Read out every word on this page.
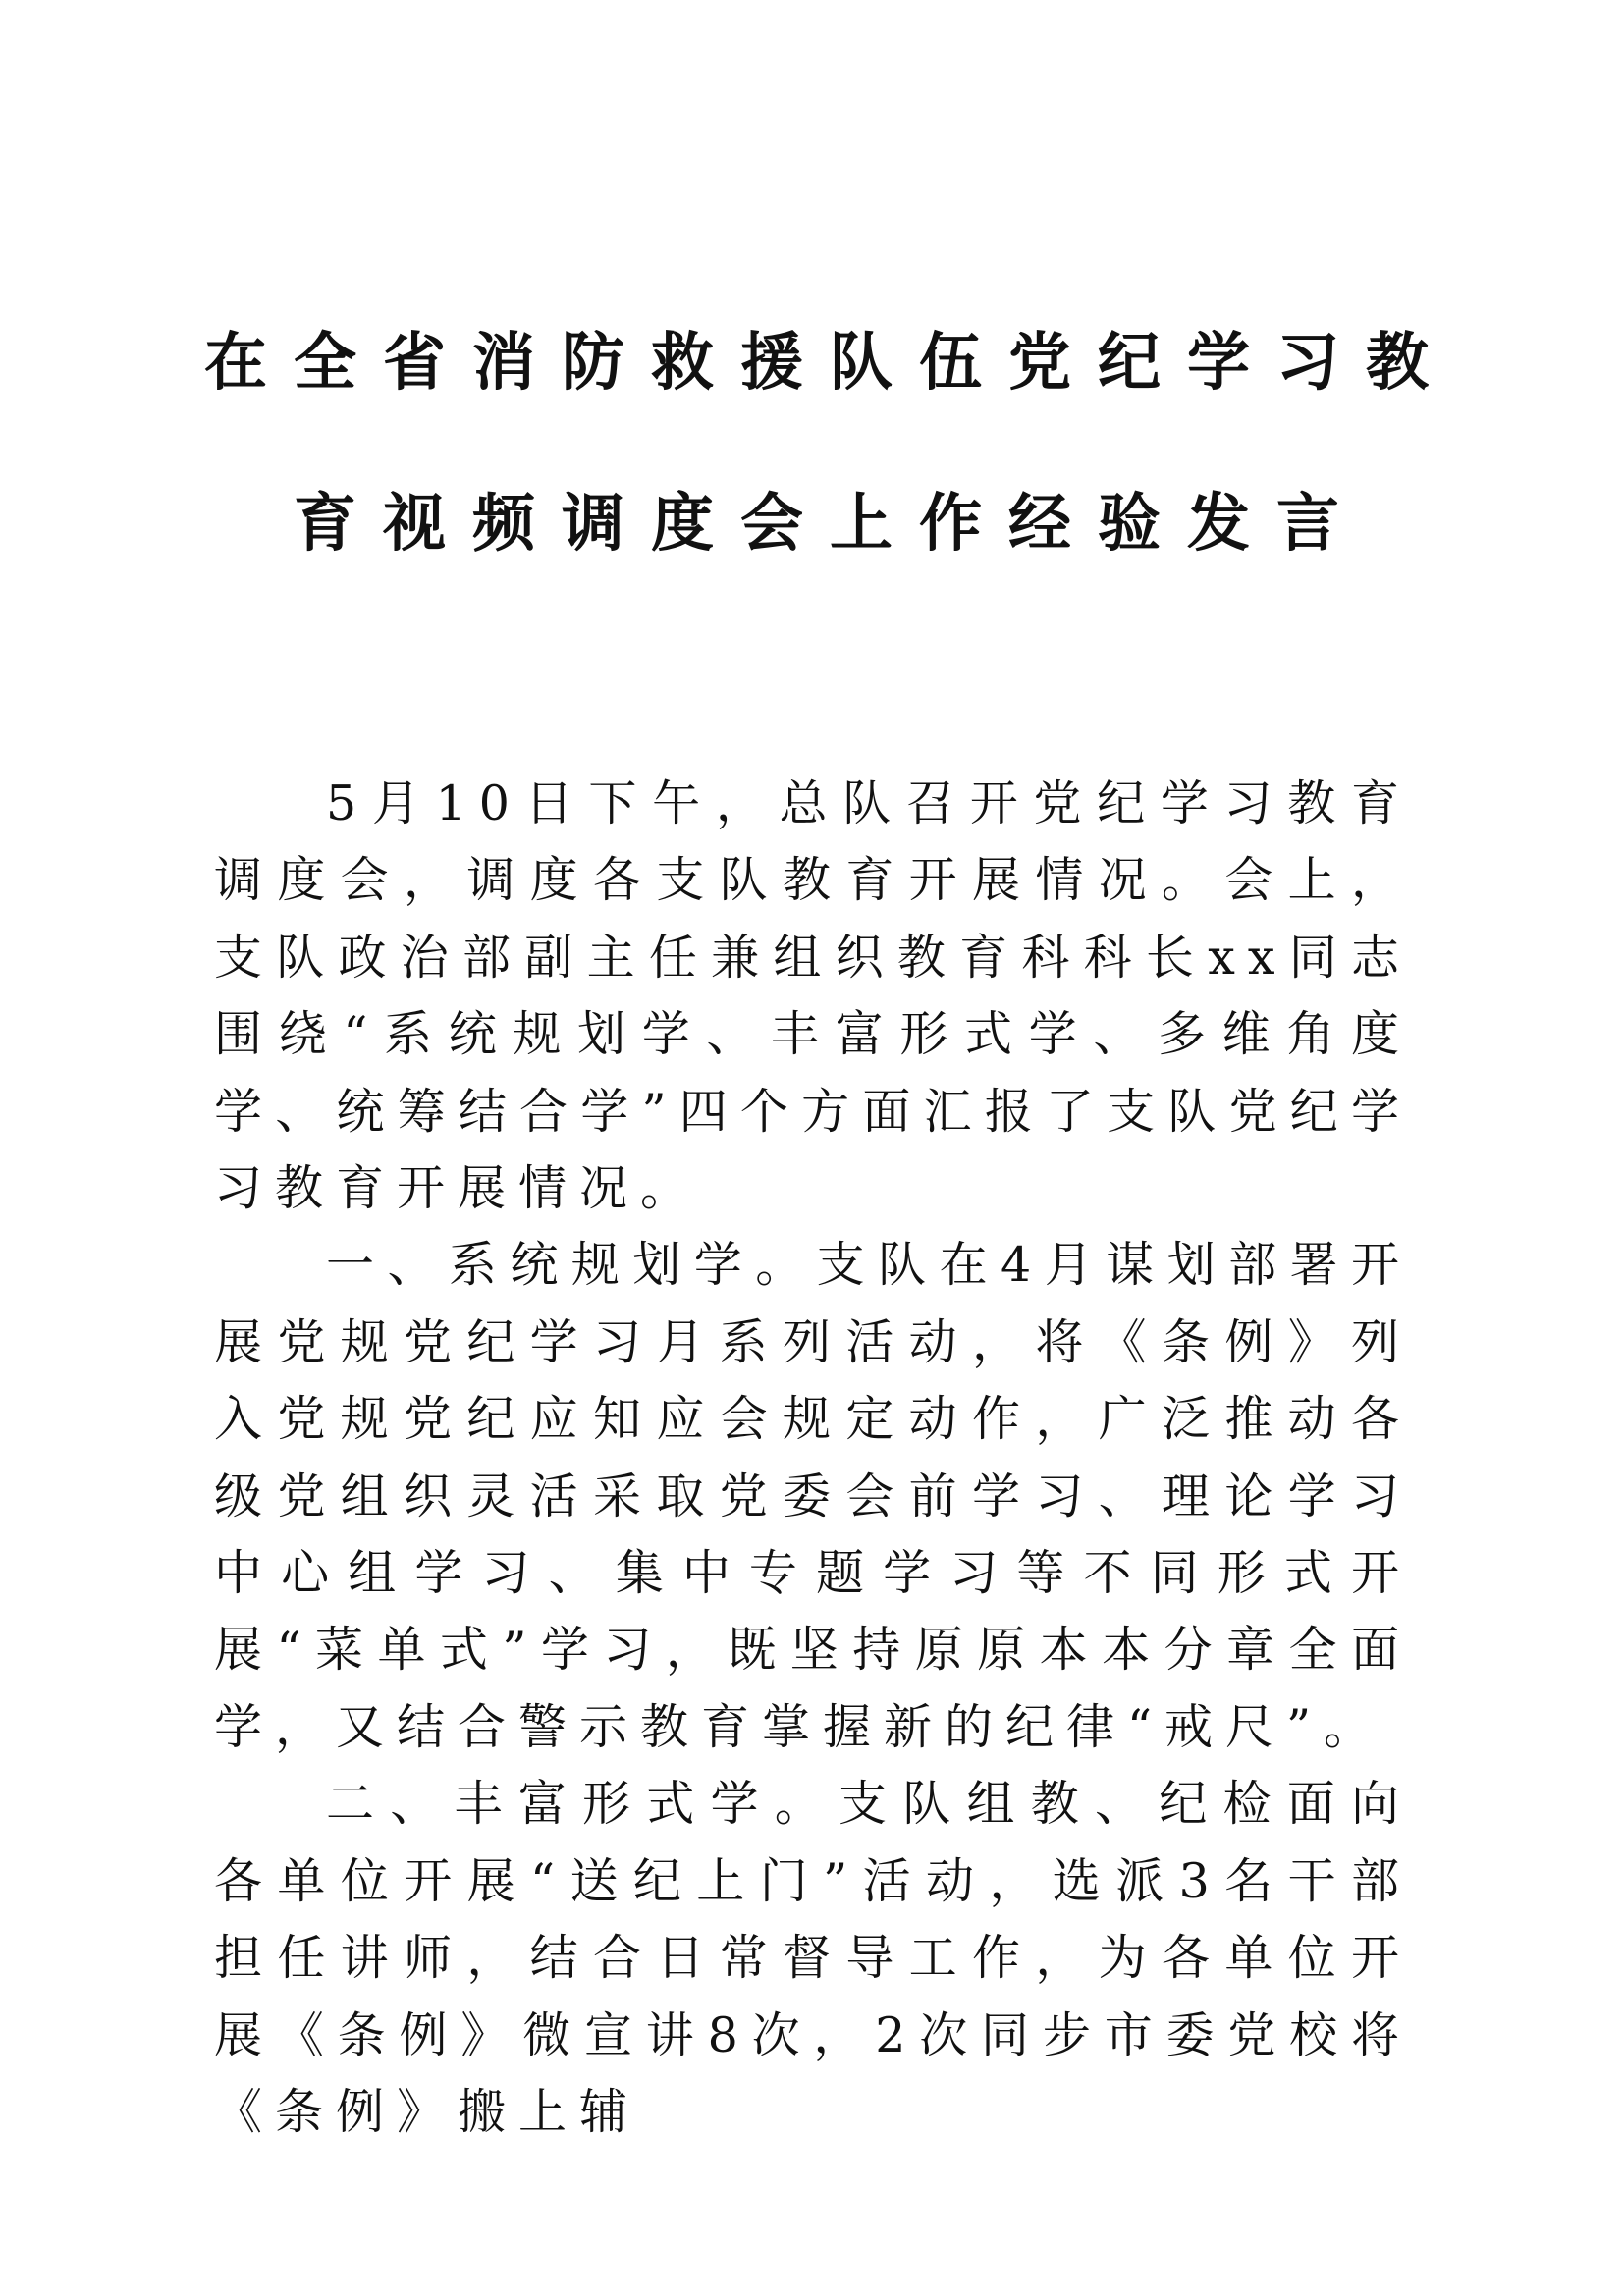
在全省消防救援队伍党纪学习教
育视频调度会上作经验发言

5月10日下午，总队召开党纪学习教育调度会，调度各支队教育开展情况。会上，支队政治部副主任兼组织教育科科长xx同志围绕“系统规划学、丰富形式学、多维角度学、统筹结合学”四个方面汇报了支队党纪学习教育开展情况。

一、系统规划学。支队在4月谋划部署开展党规党纪学习月系列活动，将《条例》列入党规党纪应知应会规定动作，广泛推动各级党组织灵活采取党委会前学习、理论学习中心组学习、集中专题学习等不同形式开展“菜单式”学习，既坚持原原本本分章全面学，又结合警示教育掌握新的纪律“戒尺”。

二、丰富形式学。支队组教、纪检面向各单位开展“送纪上门”活动，选派3名干部担任讲师，结合日常督导工作，为各单位开展《条例》微宣讲8次，2次同步市委党校将《条例》搬上辅
